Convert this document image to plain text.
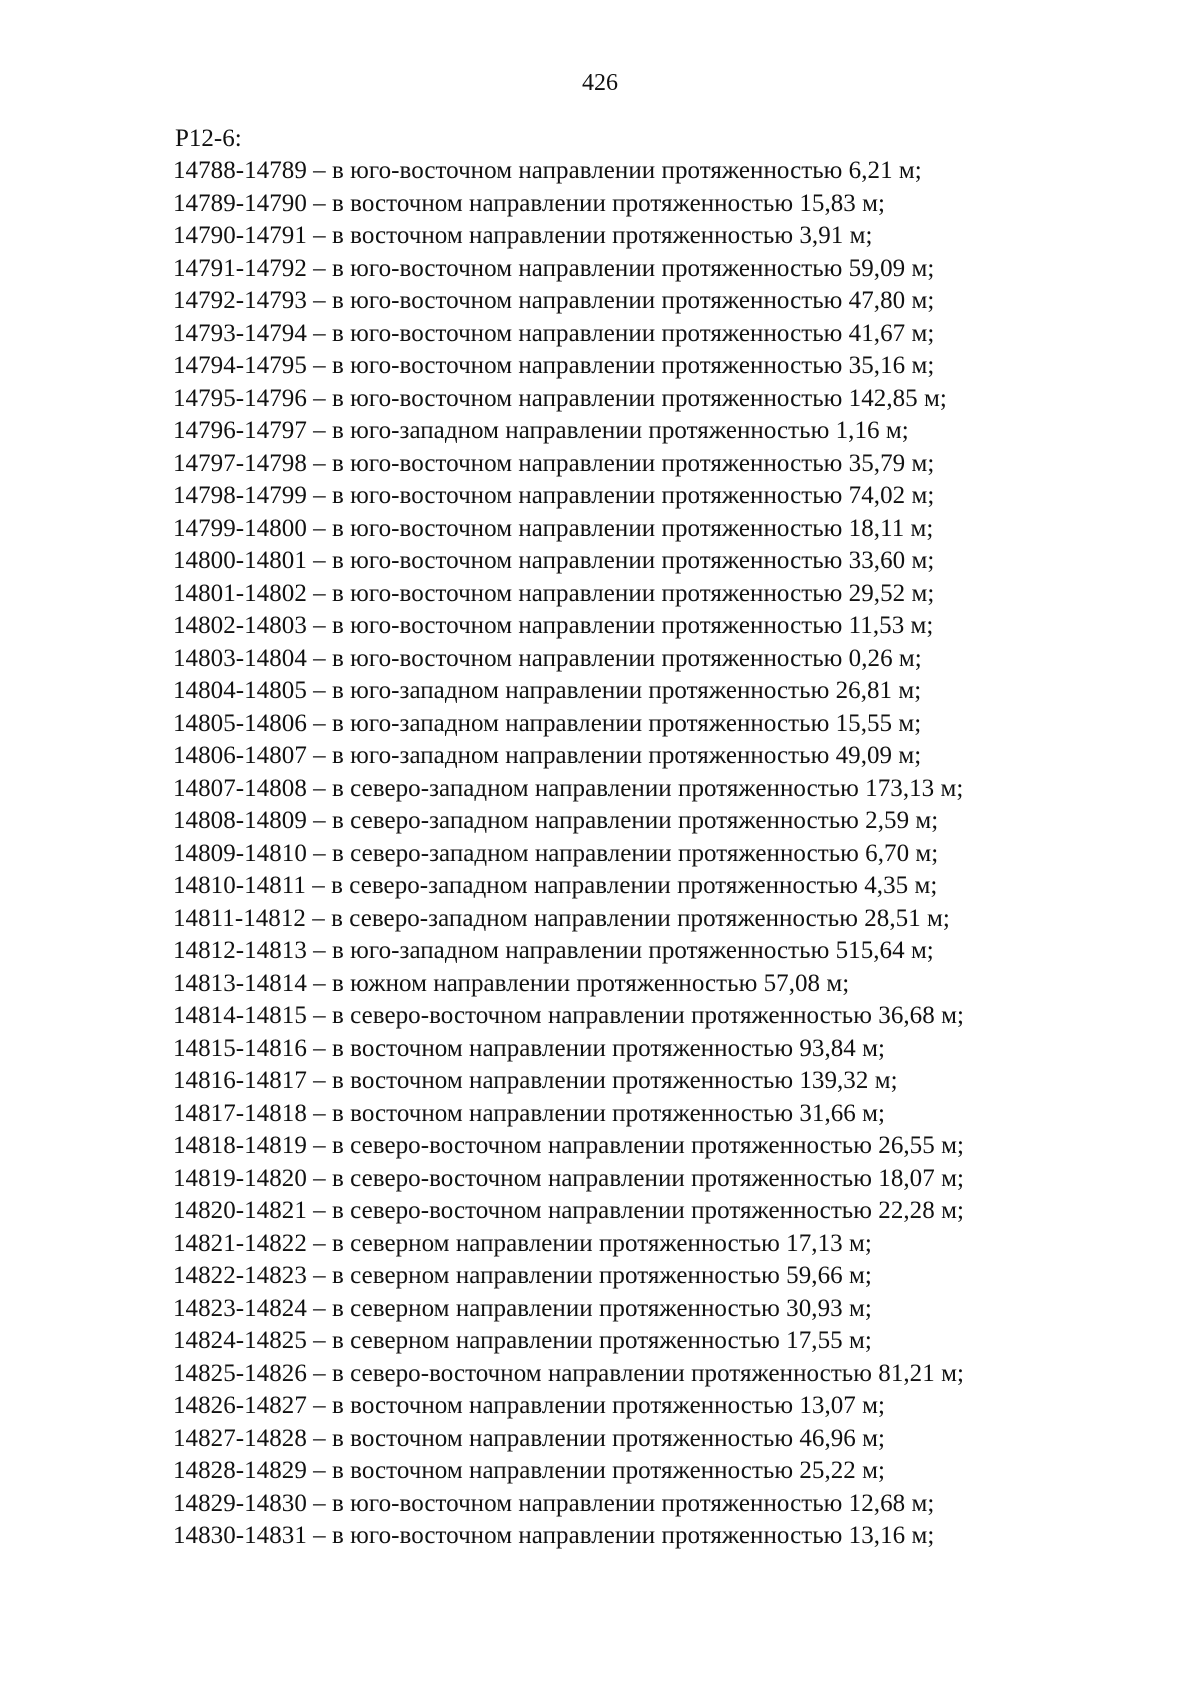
426
Р12-6:
14788-14789 – в юго-восточном направлении протяженностью 6,21 м;
14789-14790 – в восточном направлении протяженностью 15,83 м;
14790-14791 – в восточном направлении протяженностью 3,91 м;
14791-14792 – в юго-восточном направлении протяженностью 59,09 м;
14792-14793 – в юго-восточном направлении протяженностью 47,80 м;
14793-14794 – в юго-восточном направлении протяженностью 41,67 м;
14794-14795 – в юго-восточном направлении протяженностью 35,16 м;
14795-14796 – в юго-восточном направлении протяженностью 142,85 м;
14796-14797 – в юго-западном направлении протяженностью 1,16 м;
14797-14798 – в юго-восточном направлении протяженностью 35,79 м;
14798-14799 – в юго-восточном направлении протяженностью 74,02 м;
14799-14800 – в юго-восточном направлении протяженностью 18,11 м;
14800-14801 – в юго-восточном направлении протяженностью 33,60 м;
14801-14802 – в юго-восточном направлении протяженностью 29,52 м;
14802-14803 – в юго-восточном направлении протяженностью 11,53 м;
14803-14804 – в юго-восточном направлении протяженностью 0,26 м;
14804-14805 – в юго-западном направлении протяженностью 26,81 м;
14805-14806 – в юго-западном направлении протяженностью 15,55 м;
14806-14807 – в юго-западном направлении протяженностью 49,09 м;
14807-14808 – в северо-западном направлении протяженностью 173,13 м;
14808-14809 – в северо-западном направлении протяженностью 2,59 м;
14809-14810 – в северо-западном направлении протяженностью 6,70 м;
14810-14811 – в северо-западном направлении протяженностью 4,35 м;
14811-14812 – в северо-западном направлении протяженностью 28,51 м;
14812-14813 – в юго-западном направлении протяженностью 515,64 м;
14813-14814 – в южном направлении протяженностью 57,08 м;
14814-14815 – в северо-восточном направлении протяженностью 36,68 м;
14815-14816 – в восточном направлении протяженностью 93,84 м;
14816-14817 – в восточном направлении протяженностью 139,32 м;
14817-14818 – в восточном направлении протяженностью 31,66 м;
14818-14819 – в северо-восточном направлении протяженностью 26,55 м;
14819-14820 – в северо-восточном направлении протяженностью 18,07 м;
14820-14821 – в северо-восточном направлении протяженностью 22,28 м;
14821-14822 – в северном направлении протяженностью 17,13 м;
14822-14823 – в северном направлении протяженностью 59,66 м;
14823-14824 – в северном направлении протяженностью 30,93 м;
14824-14825 – в северном направлении протяженностью 17,55 м;
14825-14826 – в северо-восточном направлении протяженностью 81,21 м;
14826-14827 – в восточном направлении протяженностью 13,07 м;
14827-14828 – в восточном направлении протяженностью 46,96 м;
14828-14829 – в восточном направлении протяженностью 25,22 м;
14829-14830 – в юго-восточном направлении протяженностью 12,68 м;
14830-14831 – в юго-восточном направлении протяженностью 13,16 м;
